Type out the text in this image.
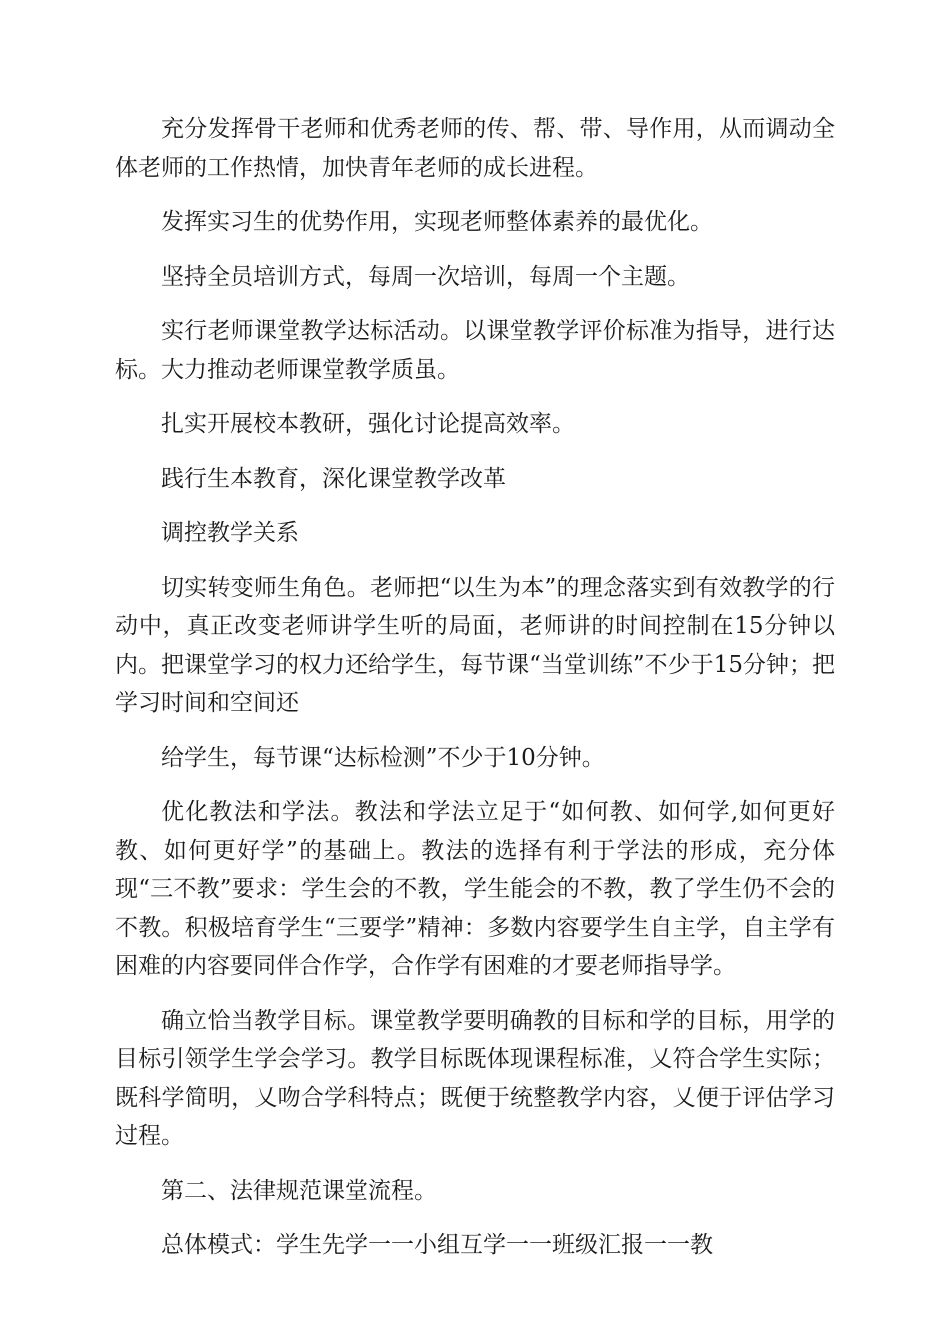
充分发挥骨干老师和优秀老师的传、帮、带、导作用，从而调动全体老师的工作热情，加快青年老师的成长进程。

发挥实习生的优势作用，实现老师整体素养的最优化。

坚持全员培训方式，每周一次培训，每周一个主题。

实行老师课堂教学达标活动。以课堂教学评价标准为指导，进行达标。大力推动老师课堂教学质虽。

扎实开展校本教研，强化讨论提高效率。

践行生本教育，深化课堂教学改革

调控教学关系

切实转变师生角色。老师把“以生为本”的理念落实到有效教学的行动中，真正改变老师讲学生听的局面，老师讲的时间控制在15分钟以内。把课堂学习的权力还给学生，每节课“当堂训练”不少于15分钟；把学习时间和空间还

给学生，每节课“达标检测”不少于10分钟。

优化教法和学法。教法和学法立足于“如何教、如何学,如何更好教、如何更好学”的基础上。教法的选择有利于学法的形成，充分体现“三不教”要求：学生会的不教，学生能会的不教，教了学生仍不会的不教。积极培育学生“三要学”精神：多数内容要学生自主学，自主学有困难的内容要同伴合作学，合作学有困难的才要老师指导学。

确立恰当教学目标。课堂教学要明确教的目标和学的目标，用学的目标引领学生学会学习。教学目标既体现课程标准，乂符合学生实际；既科学简明，乂吻合学科特点；既便于统整教学内容，乂便于评估学习过程。

第二、法律规范课堂流程。

总体模式：学生先学一一小组互学一一班级汇报一一教
